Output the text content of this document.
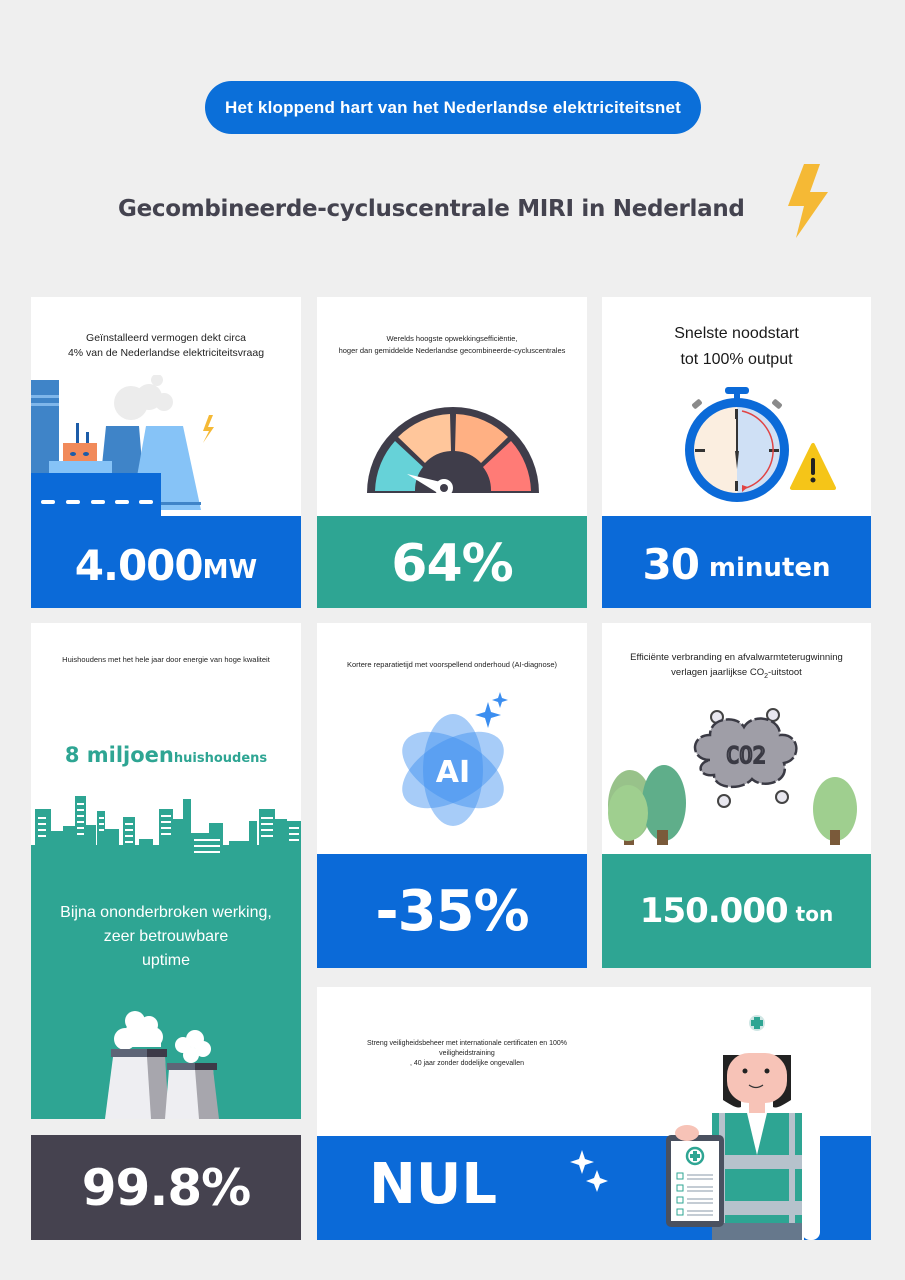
Het kloppend hart van het Nederlandse elektriciteitsnet
Gecombineerde-cycluscentrale MIRI in Nederland
Geïnstalleerd vermogen dekt circa
4% van de Nederlandse elektriciteitsvraag
4.000 MW
Werelds hoogste opwekkingsefficiëntie,
hoger dan gemiddelde Nederlandse gecombineerde-cycluscentrales
64%
Snelste noodstart
tot 100% output
30 minuten
Huishoudens met het hele jaar door energie van hoge kwaliteit
8 miljoenhuishoudens
Bijna ononderbroken werking,
zeer betrouwbare
uptime
99.8%
Kortere reparatietijd met voorspellend onderhoud (AI-diagnose)
AI
-35%
Efficiënte verbranding en afvalwarmteterugwinning
verlagen jaarlijkse $CO_2$-uitstoot
CO2
150.000 ton
Streng veiligheidsbeheer met internationale certificaten en 100% veiligheidstraining
, 40 jaar zonder dodelijke ongevallen
NUL
